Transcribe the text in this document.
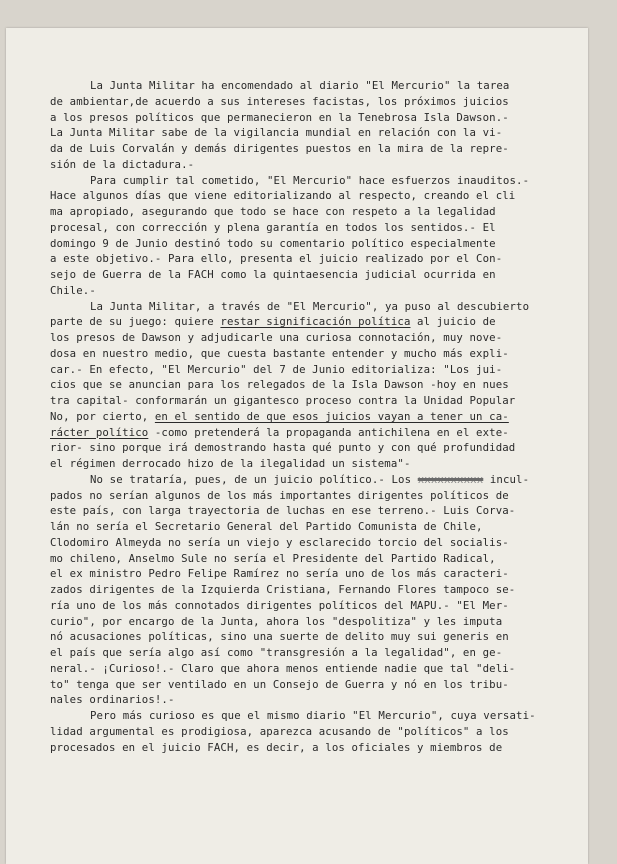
La Junta Militar ha encomendado al diario "El Mercurio" la tarea
de ambientar,de acuerdo a sus intereses facistas, los próximos juicios
a los presos políticos que permanecieron en la Tenebrosa Isla Dawson.-
La Junta Militar sabe de la vigilancia mundial en relación con la vi-
da de Luis Corvalán y demás dirigentes puestos en la mira de la repre-
sión de la dictadura.-
Para cumplir tal cometido, "El Mercurio" hace esfuerzos inauditos.-
Hace algunos días que viene editorializando al respecto, creando el cli
ma apropiado, asegurando que todo se hace con respeto a la legalidad
procesal, con corrección y plena garantía en todos los sentidos.- El
domingo 9 de Junio destinó todo su comentario político especialmente
a este objetivo.- Para ello, presenta el juicio realizado por el Con-
sejo de Guerra de la FACH como la quintaesencia judicial ocurrida en
Chile.-
La Junta Militar, a través de "El Mercurio", ya puso al descubierto
parte de su juego: quiere restar significación política al juicio de
los presos de Dawson y adjudicarle una curiosa connotación, muy nove-
dosa en nuestro medio, que cuesta bastante entender y mucho más expli-
car.- En efecto, "El Mercurio" del 7 de Junio editorializa: "Los jui-
cios que se anuncian para los relegados de la Isla Dawson -hoy en nues
tra capital- conformarán un gigantesco proceso contra la Unidad Popular
No, por cierto, en el sentido de que esos juicios vayan a tener un ca-
rácter político -como pretenderá la propaganda antichilena en el exte-
rior- sino porque irá demostrando hasta qué punto y con qué profundidad
el régimen derrocado hizo de la ilegalidad un sistema"-
No se trataría, pues, de un juicio político.- Los xxxxxxxxxx incul-
pados no serían algunos de los más importantes dirigentes políticos de
este país, con larga trayectoria de luchas en ese terreno.- Luis Corva-
lán no sería el Secretario General del Partido Comunista de Chile,
Clodomiro Almeyda no sería un viejo y esclarecido torcio del socialis-
mo chileno, Anselmo Sule no sería el Presidente del Partido Radical,
el ex ministro Pedro Felipe Ramírez no sería uno de los más caracteri-
zados dirigentes de la Izquierda Cristiana, Fernando Flores tampoco se-
ría uno de los más connotados dirigentes políticos del MAPU.- "El Mer-
curio", por encargo de la Junta, ahora los "despolitiza" y les imputa
nó acusaciones políticas, sino una suerte de delito muy sui generis en
el país que sería algo así como "transgresión a la legalidad", en ge-
neral.- ¡Curioso!.- Claro que ahora menos entiende nadie que tal "deli-
to" tenga que ser ventilado en un Consejo de Guerra y nó en los tribu-
nales ordinarios!.-
Pero más curioso es que el mismo diario "El Mercurio", cuya versati-
lidad argumental es prodigiosa, aparezca acusando de "políticos" a los
procesados en el juicio FACH, es decir, a los oficiales y miembros de
